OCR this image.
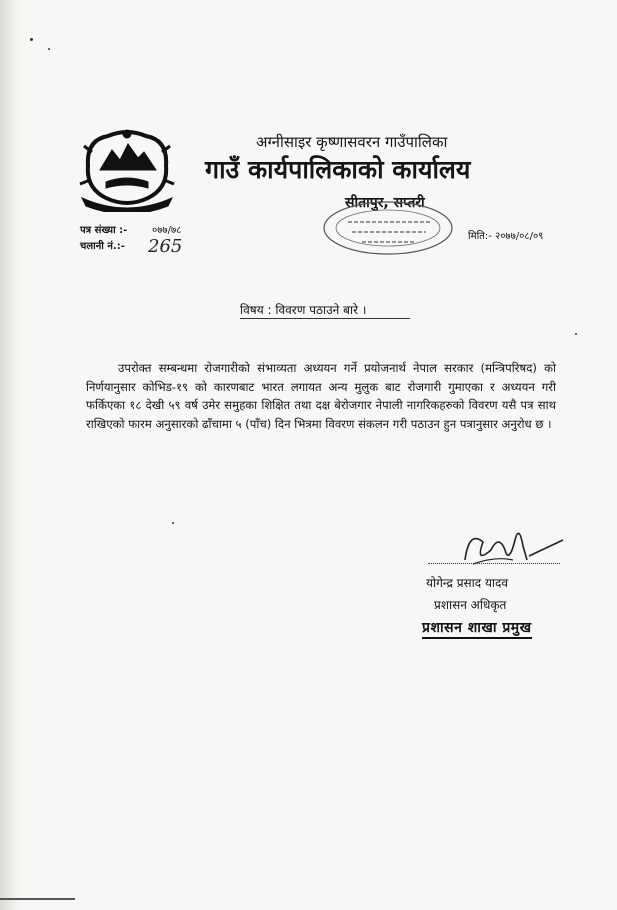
अग्नीसाइर कृष्णासवरन गाउँपालिका
गाउँ कार्यपालिकाको कार्यालय
सीतापुर, सप्तरी
पत्र संख्या :- ०७७/७८
चलानी नं.:- 265	मिति:- २०७७/०८/०९
विषय : विवरण पठाउने बारे ।
उपरोक्त सम्बन्धमा रोजगारीको संभाव्यता अध्ययन गर्ने प्रयोजनार्थ नेपाल सरकार (मन्त्रिपरिषद) को निर्णयानुसार कोभिड-१९ को कारणबाट भारत लगायत अन्य मुलुक बाट रोजगारी गुमाएका र अध्ययन गरी फर्किएका १८ देखी ५९ वर्ष उमेर समुहका शिक्षित तथा दक्ष बेरोजगार नेपाली नागरिकहरुको विवरण यसै पत्र साथ राखिएको फारम अनुसारको ढाँचामा ५ (पाँच) दिन भित्रमा विवरण संकलन गरी पठाउन हुन पत्रानुसार अनुरोध छ ।
योगेन्द्र प्रसाद यादव
प्रशासन अधिकृत
प्रशासन शाखा प्रमुख
